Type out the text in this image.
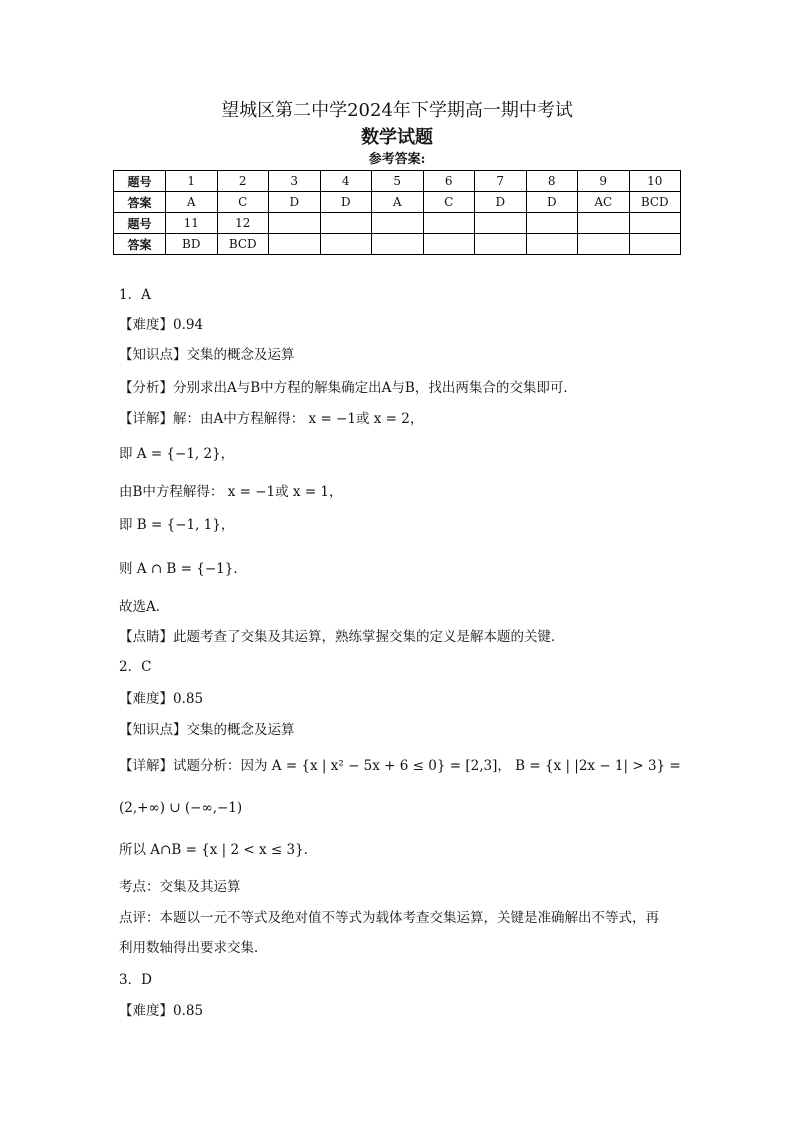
望城区第二中学2024年下学期高一期中考试
数学试题
参考答案:
题号	1	2	3	4	5	6	7	8	9	10
答案	A	C	D	D	A	C	D	D	AC	BCD
题号	11	12								
答案	BD	BCD								
1．A
【难度】0.94
【知识点】交集的概念及运算
【分析】分别求出A与B中方程的解集确定出A与B，找出两集合的交集即可．
【详解】解：由A中方程解得： x = −1或 x = 2，
即 A = {−1, 2}，
由B中方程解得： x = −1或 x = 1，
即 B = {−1, 1}，
则 A ∩ B = {−1}．
故选A．
【点睛】此题考查了交集及其运算，熟练掌握交集的定义是解本题的关键．
2．C
【难度】0.85
【知识点】交集的概念及运算
【详解】试题分析：因为 A = {x | x² − 5x + 6 ≤ 0} = [2,3]， B = {x | |2x − 1| > 3} =
(2,+∞) ∪ (−∞,−1)
所以 A∩B = {x | 2 < x ≤ 3}.
考点：交集及其运算
点评：本题以一元不等式及绝对值不等式为载体考查交集运算，关键是准确解出不等式，再
利用数轴得出要求交集．
3．D
【难度】0.85
